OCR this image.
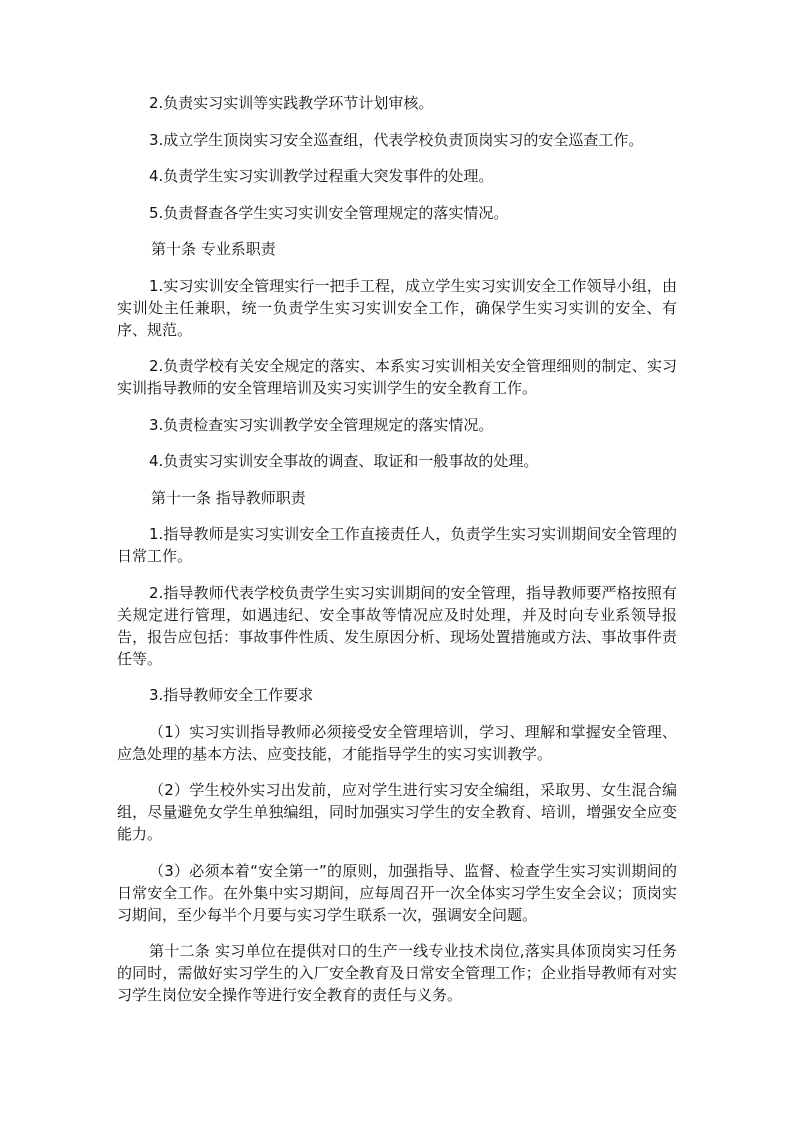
2.负责实习实训等实践教学环节计划审核。

3.成立学生顶岗实习安全巡查组，代表学校负责顶岗实习的安全巡查工作。

4.负责学生实习实训教学过程重大突发事件的处理。

5.负责督查各学生实习实训安全管理规定的落实情况。

第十条 专业系职责

1.实习实训安全管理实行一把手工程，成立学生实习实训安全工作领导小组，由实训处主任兼职，统一负责学生实习实训安全工作，确保学生实习实训的安全、有序、规范。

2.负责学校有关安全规定的落实、本系实习实训相关安全管理细则的制定、实习实训指导教师的安全管理培训及实习实训学生的安全教育工作。

3.负责检查实习实训教学安全管理规定的落实情况。

4.负责实习实训安全事故的调查、取证和一般事故的处理。

第十一条 指导教师职责

1.指导教师是实习实训安全工作直接责任人，负责学生实习实训期间安全管理的日常工作。

2.指导教师代表学校负责学生实习实训期间的安全管理，指导教师要严格按照有关规定进行管理，如遇违纪、安全事故等情况应及时处理，并及时向专业系领导报告，报告应包括：事故事件性质、发生原因分析、现场处置措施或方法、事故事件责任等。

3.指导教师安全工作要求

（1）实习实训指导教师必须接受安全管理培训，学习、理解和掌握安全管理、应急处理的基本方法、应变技能，才能指导学生的实习实训教学。

（2）学生校外实习出发前，应对学生进行实习安全编组，采取男、女生混合编组，尽量避免女学生单独编组，同时加强实习学生的安全教育、培训，增强安全应变能力。

（3）必须本着“安全第一”的原则，加强指导、监督、检查学生实习实训期间的日常安全工作。在外集中实习期间，应每周召开一次全体实习学生安全会议；顶岗实习期间，至少每半个月要与实习学生联系一次，强调安全问题。

第十二条 实习单位在提供对口的生产一线专业技术岗位,落实具体顶岗实习任务的同时，需做好实习学生的入厂安全教育及日常安全管理工作；企业指导教师有对实习学生岗位安全操作等进行安全教育的责任与义务。
